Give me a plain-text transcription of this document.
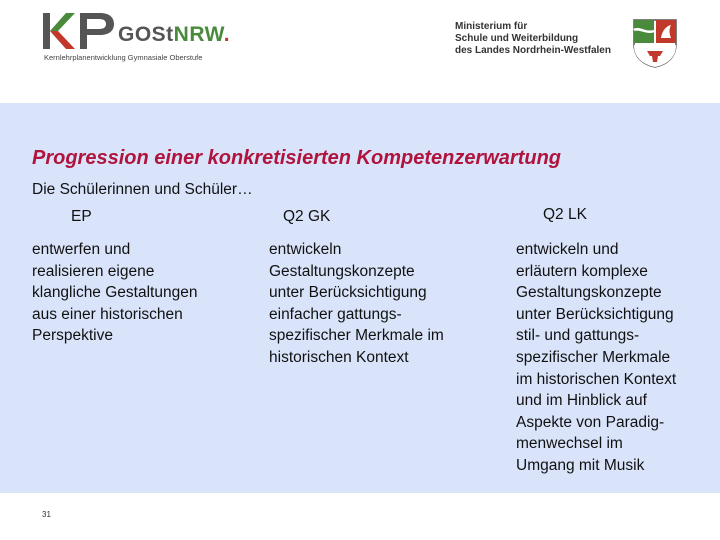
GOStNRW.
Kernlehrplanentwicklung Gymnasiale Oberstufe
Ministerium für
Schule und Weiterbildung
des Landes Nordrhein-Westfalen
Progression einer konkretisierten Kompetenzerwartung
Die Schülerinnen und Schüler…
EP	Q2 GK	Q2 LK
entwerfen und
realisieren eigene
klangliche Gestaltungen
aus einer historischen
Perspektive
entwickeln
Gestaltungskonzepte
unter Berücksichtigung
einfacher gattungs-
spezifischer Merkmale im
historischen Kontext
entwickeln und
erläutern komplexe
Gestaltungskonzepte
unter Berücksichtigung
stil- und gattungs-
spezifischer Merkmale
im historischen Kontext
und im Hinblick auf
Aspekte von Paradig-
menwechsel im
Umgang mit Musik
31
